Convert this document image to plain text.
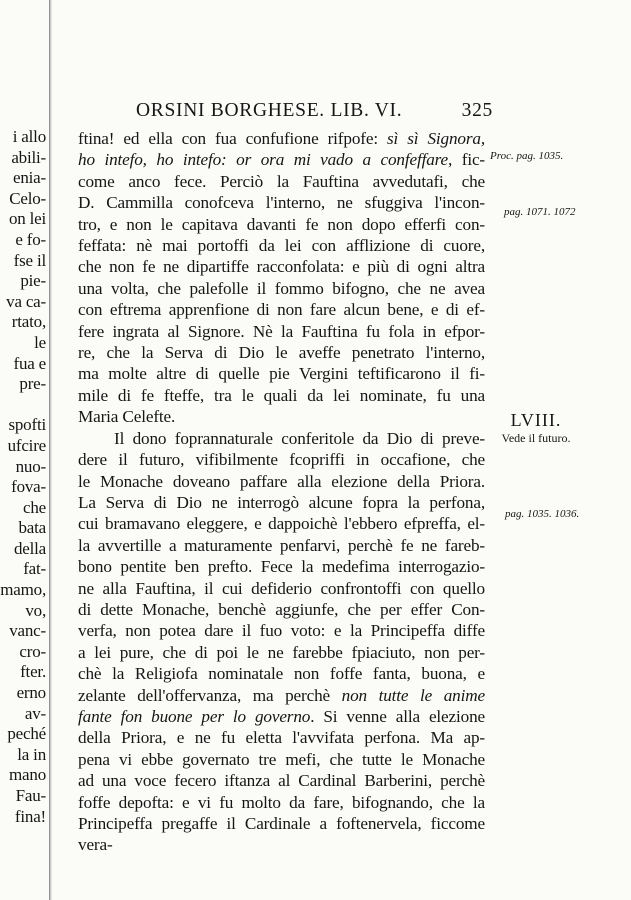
i allo
abili-
enia-
Celo-
on lei
e fo-
fse il
pie-
va ca-
rtato,
le
fua e
pre-

spofti
ufcire
nuo-
fova-
che
bata
della
fat-
mamo,
vo,
vanc-
cro-
fter.
erno
av-
peché
la in
mano
Fau-
fina!
ORSINI BORGHESE. LIB. VI.	325
ftina! ed ella con fua confufione rifpofe: sì sì Signora,
ho intefo, ho intefo: or ora mi vado a confeffare, fic-
come anco fece. Perciò la Fauftina avvedutafi, che
D. Cammilla conofceva l'interno, ne sfuggiva l'incon-
tro, e non le capitava davanti fe non dopo efferfi con-
feffata: nè mai portoffi da lei con afflizione di cuore,
che non fe ne dipartiffe racconfolata: e più di ogni altra
una volta, che palefolle il fommo bifogno, che ne avea
con eftrema apprenfione di non fare alcun bene, e di ef-
fere ingrata al Signore. Nè la Fauftina fu fola in efpor-
re, che la Serva di Dio le aveffe penetrato l'interno,
ma molte altre di quelle pie Vergini teftificarono il fi-
mile di fe fteffe, tra le quali da lei nominate, fu una
Maria Celefte.
Il dono foprannaturale conferitole da Dio di preve-
dere il futuro, vifibilmente fcopriffi in occafione, che
le Monache doveano paffare alla elezione della Priora.
La Serva di Dio ne interrogò alcune fopra la perfona,
cui bramavano eleggere, e dappoichè l'ebbero efpreffa, el-
la avvertille a maturamente penfarvi, perchè fe ne fareb-
bono pentite ben prefto. Fece la medefima interrogazio-
ne alla Fauftina, il cui defiderio confrontoffi con quello
di dette Monache, benchè aggiunfe, che per effer Con-
verfa, non potea dare il fuo voto: e la Principeffa diffe
a lei pure, che di poi le ne farebbe fpiaciuto, non per-
chè la Religiofa nominatale non foffe fanta, buona, e
zelante dell'offervanza, ma perchè non tutte le anime
fante fon buone per lo governo. Si venne alla elezione
della Priora, e ne fu eletta l'avvifata perfona. Ma ap-
pena vi ebbe governato tre mefi, che tutte le Monache
ad una voce fecero iftanza al Cardinal Barberini, perchè
foffe depofta: e vi fu molto da fare, bifognando, che la
Principeffa pregaffe il Cardinale a foftenervela, ficcome
vera-
Proc. pag. 1035.
pag. 1071. 1072
LVIII.
Vede il futuro.
pag. 1035. 1036.
